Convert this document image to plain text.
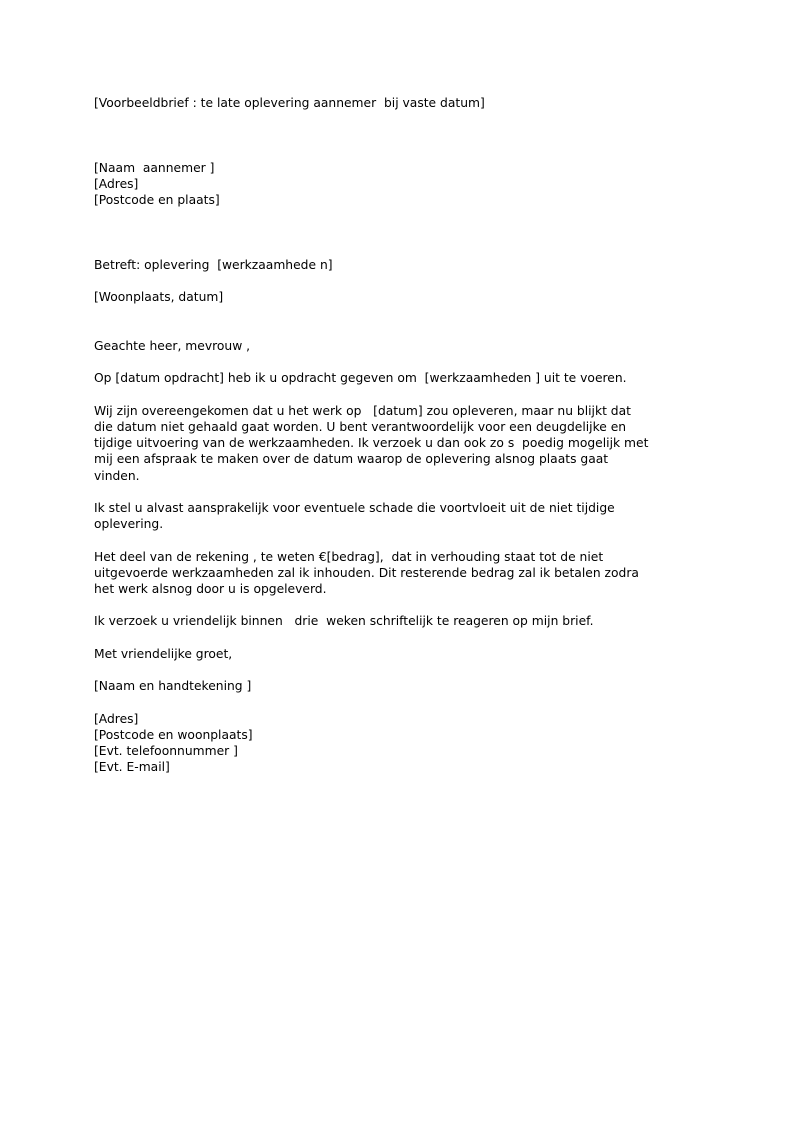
[Voorbeeldbrief : te late oplevering aannemer  bij vaste datum]
[Naam  aannemer ]
[Adres]
[Postcode en plaats]
Betreft: oplevering  [werkzaamhede n]
[Woonplaats, datum]
Geachte heer, mevrouw ,
Op [datum opdracht] heb ik u opdracht gegeven om  [werkzaamheden ] uit te voeren.
Wij zijn overeengekomen dat u het werk op   [datum] zou opleveren, maar nu blijkt dat
die datum niet gehaald gaat worden. U bent verantwoordelijk voor een deugdelijke en
tijdige uitvoering van de werkzaamheden. Ik verzoek u dan ook zo s  poedig mogelijk met
mij een afspraak te maken over de datum waarop de oplevering alsnog plaats gaat
vinden.
Ik stel u alvast aansprakelijk voor eventuele schade die voortvloeit uit de niet tijdige
oplevering.
Het deel van de rekening , te weten €[bedrag],  dat in verhouding staat tot de niet
uitgevoerde werkzaamheden zal ik inhouden. Dit resterende bedrag zal ik betalen zodra
het werk alsnog door u is opgeleverd.
Ik verzoek u vriendelijk binnen   drie  weken schriftelijk te reageren op mijn brief.
Met vriendelijke groet,
[Naam en handtekening ]
[Adres]
[Postcode en woonplaats]
[Evt. telefoonnummer ]
[Evt. E-mail]
